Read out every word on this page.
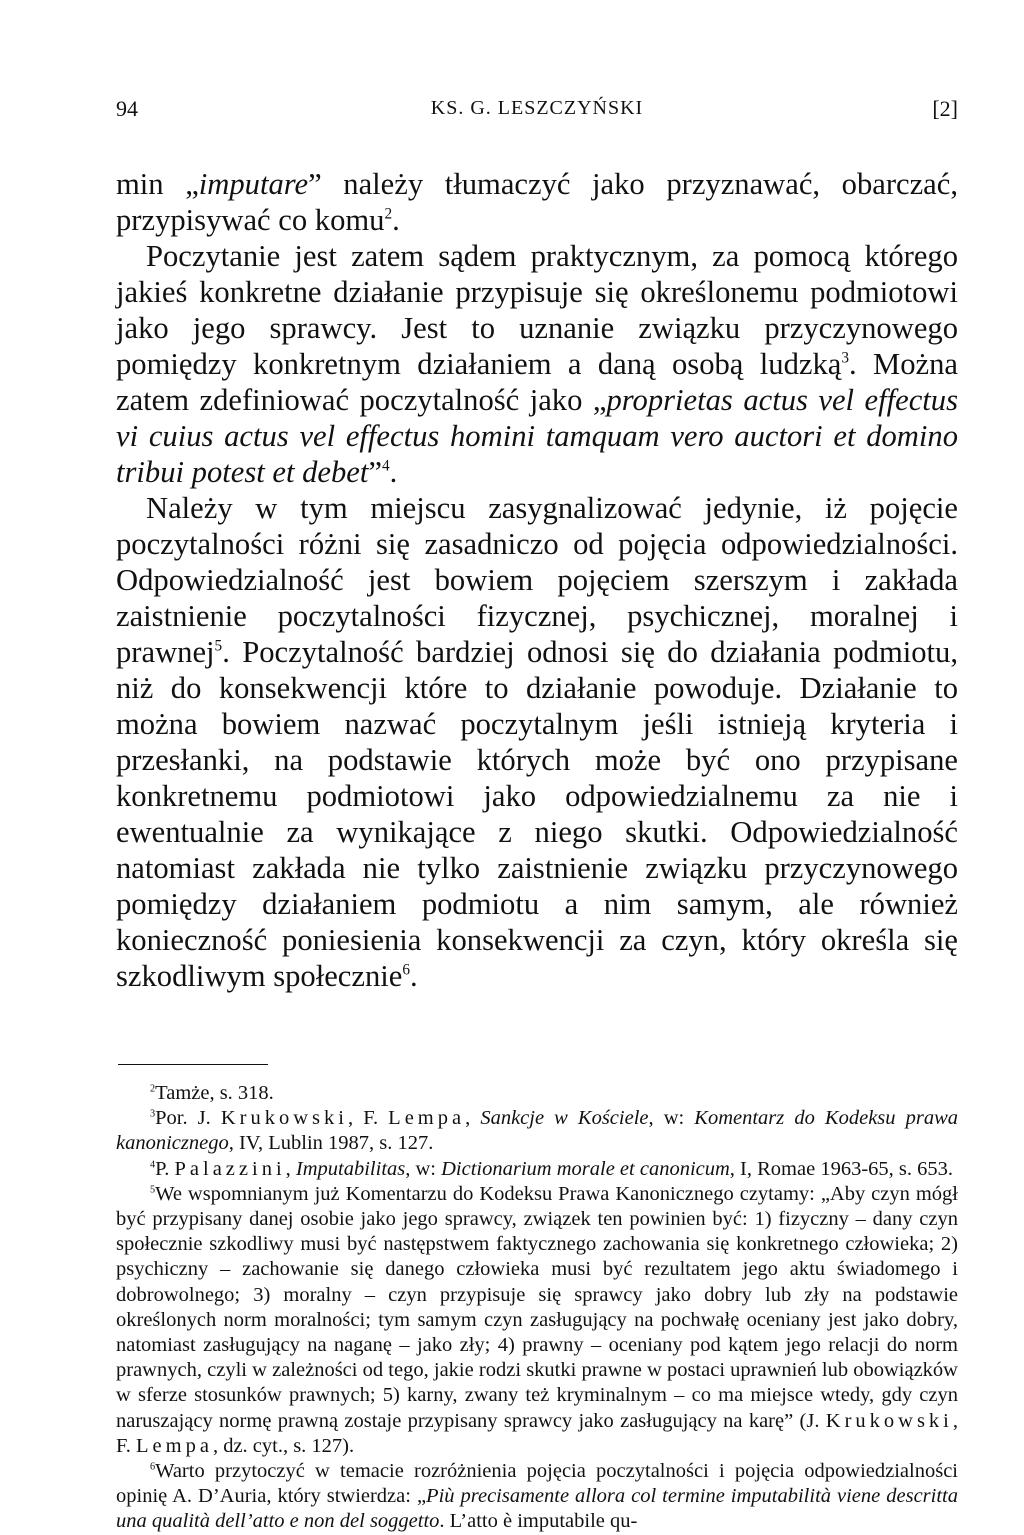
94	KS. G. LESZCZYŃSKI	[2]

min „imputare” należy tłumaczyć jako przyznawać, obarczać, przypisywać co komu$^2$.

Poczytanie jest zatem sądem praktycznym, za pomocą którego jakieś konkretne działanie przypisuje się określonemu podmiotowi jako jego sprawcy. Jest to uznanie związku przyczynowego pomiędzy konkretnym działaniem a daną osobą ludzką$^3$. Można zatem zdefiniować poczytalność jako „proprietas actus vel effectus vi cuius actus vel effectus homini tamquam vero auctori et domino tribui potest et debet”$^4$.

Należy w tym miejscu zasygnalizować jedynie, iż pojęcie poczytalności różni się zasadniczo od pojęcia odpowiedzialności. Odpowiedzialność jest bowiem pojęciem szerszym i zakłada zaistnienie poczytalności fizycznej, psychicznej, moralnej i prawnej$^5$. Poczytalność bardziej odnosi się do działania podmiotu, niż do konsekwencji które to działanie powoduje. Działanie to można bowiem nazwać poczytalnym jeśli istnieją kryteria i przesłanki, na podstawie których może być ono przypisane konkretnemu podmiotowi jako odpowiedzialnemu za nie i ewentualnie za wynikające z niego skutki. Odpowiedzialność natomiast zakłada nie tylko zaistnienie związku przyczynowego pomiędzy działaniem podmiotu a nim samym, ale również konieczność poniesienia konsekwencji za czyn, który określa się szkodliwym społecznie$^6$.

$^2$Tamże, s. 318.

$^3$Por. J. Krukowski, F. Lempa, Sankcje w Kościele, w: Komentarz do Kodeksu prawa kanonicznego, IV, Lublin 1987, s. 127.

$^4$P. Palazzini, Imputabilitas, w: Dictionarium morale et canonicum, I, Romae 1963-65, s. 653.

$^5$We wspomnianym już Komentarzu do Kodeksu Prawa Kanonicznego czytamy: „Aby czyn mógł być przypisany danej osobie jako jego sprawcy, związek ten powinien być: 1) fizyczny – dany czyn społecznie szkodliwy musi być następstwem faktycznego zachowania się konkretnego człowieka; 2) psychiczny – zachowanie się danego człowieka musi być rezultatem jego aktu świadomego i dobrowolnego; 3) moralny – czyn przypisuje się sprawcy jako dobry lub zły na podstawie określonych norm moralności; tym samym czyn zasługujący na pochwałę oceniany jest jako dobry, natomiast zasługujący na naganę – jako zły; 4) prawny – oceniany pod kątem jego relacji do norm prawnych, czyli w zależności od tego, jakie rodzi skutki prawne w postaci uprawnień lub obowiązków w sferze stosunków prawnych; 5) karny, zwany też kryminalnym – co ma miejsce wtedy, gdy czyn naruszający normę prawną zostaje przypisany sprawcy jako zasługujący na karę” (J. Krukowski, F. Lempa, dz. cyt., s. 127).

$^6$Warto przytoczyć w temacie rozróżnienia pojęcia poczytalności i pojęcia odpowiedzialności opinię A. D’Auria, który stwierdza: „Più precisamente allora col termine imputabilità viene descritta una qualità dell’atto e non del soggetto. L’atto è imputabile qu-
